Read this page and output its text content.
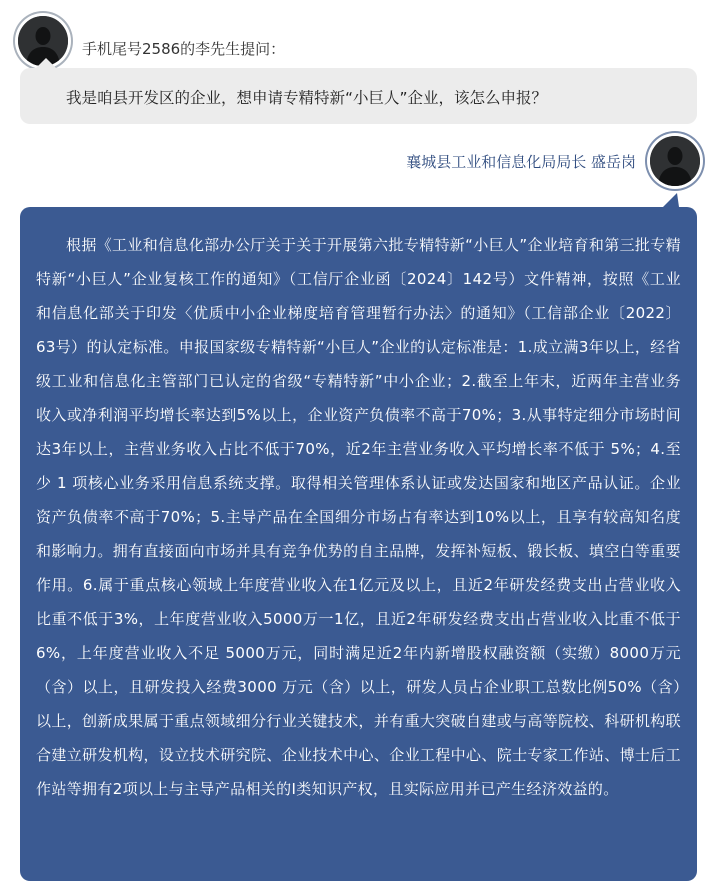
手机尾号2586的李先生提问：
我是咱县开发区的企业，想申请专精特新“小巨人”企业，该怎么申报？
襄城县工业和信息化局局长 盛岳岗

根据《工业和信息化部办公厅关于关于开展第六批专精特新“小巨人”企业培育和第三批专精特新“小巨人”企业复核工作的通知》（工信厅企业函〔2024〕142号）文件精神，按照《工业和信息化部关于印发〈优质中小企业梯度培育管理暂行办法〉的通知》（工信部企业〔2022〕63号）的认定标准。申报国家级专精特新“小巨人”企业的认定标准是：1.成立满3年以上，经省级工业和信息化主管部门已认定的省级“专精特新”中小企业；2.截至上年末，近两年主营业务收入或净利润平均增长率达到5%以上，企业资产负债率不高于70%；3.从事特定细分市场时间达3年以上，主营业务收入占比不低于70%，近2年主营业务收入平均增长率不低于 5%；4.至少 1 项核心业务采用信息系统支撑。取得相关管理体系认证或发达国家和地区产品认证。企业资产负债率不高于70%；5.主导产品在全国细分市场占有率达到10%以上，且享有较高知名度和影响力。拥有直接面向市场并具有竞争优势的自主品牌，发挥补短板、锻长板、填空白等重要作用。6.属于重点核心领域上年度营业收入在1亿元及以上，且近2年研发经费支出占营业收入比重不低于3%，上年度营业收入5000万一1亿，且近2年研发经费支出占营业收入比重不低于6%，上年度营业收入不足 5000万元，同时满足近2年内新增股权融资额（实缴）8000万元（含）以上，且研发投入经费3000 万元（含）以上，研发人员占企业职工总数比例50%（含）以上，创新成果属于重点领域细分行业关键技术，并有重大突破自建或与高等院校、科研机构联合建立研发机构，设立技术研究院、企业技术中心、企业工程中心、院士专家工作站、博士后工作站等拥有2项以上与主导产品相关的Ⅰ类知识产权，且实际应用并已产生经济效益的。
